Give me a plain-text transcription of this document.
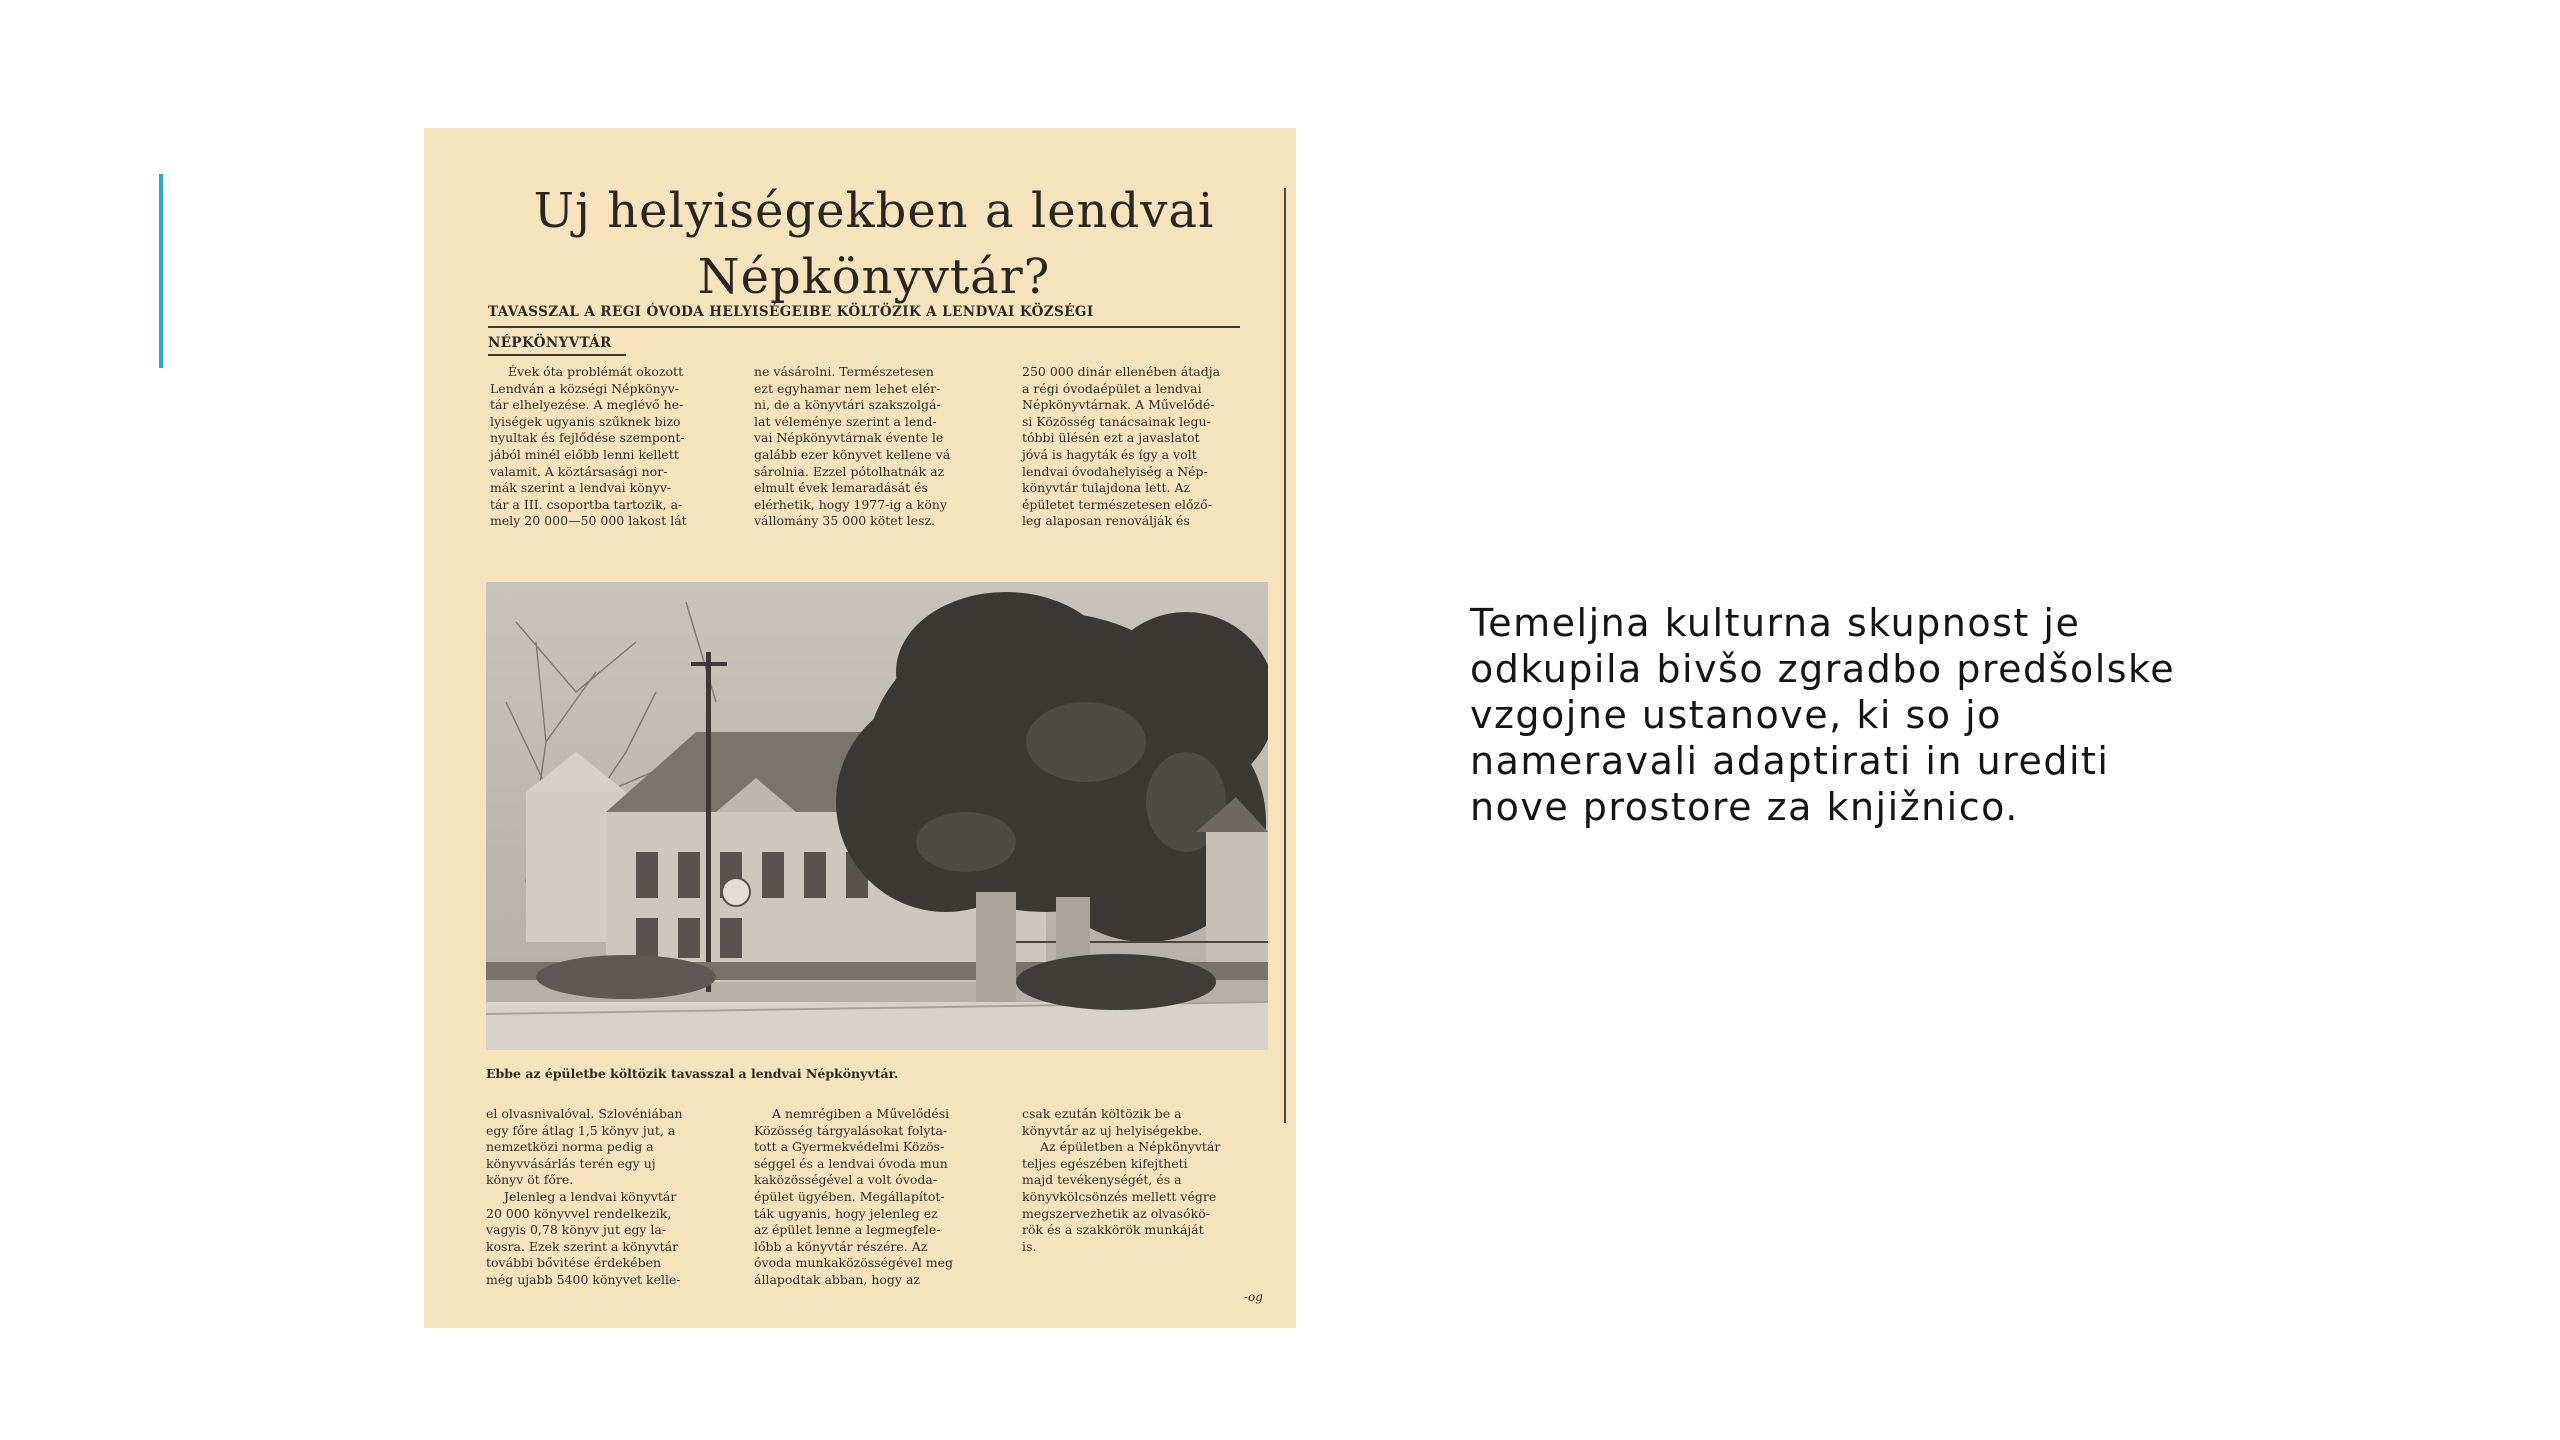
Uj helyiségekben a lendvai
Népkönyvtár?
TAVASSZAL A REGI ÓVODA HELYISÉGEIBE KÖLTÖZIK A LENDVAI KÖZSÉGI
NÉPKÖNYVTÁR

Évek óta problémát okozott

Lendván a községi Népkönyv-

tár elhelyezése. A meglévő he-

lyiségek ugyanis szűknek bizo

nyultak és fejlődése szempont-

jából minél előbb lenni kellett

valamit. A köztársasági nor-

mák szerint a lendvai könyv-

tár a III. csoportba tartozik, a-

mely 20 000—50 000 lakost lát

ne vásárolni. Természetesen

ezt egyhamar nem lehet elér-

ni, de a könyvtári szakszolgá-

lat véleménye szerint a lend-

vai Népkönyvtárnak évente le

galább ezer könyvet kellene vá

sárolnia. Ezzel pótolhatnák az

elmult évek lemaradását és

elérhetik, hogy 1977-ig a köny

vállomány 35 000 kötet lesz.

250 000 dinár ellenében átadja

a régi óvodaépület a lendvai

Népkönyvtárnak. A Művelődé-

si Közösség tanácsainak legu-

tóbbi ülésén ezt a javaslatot

jóvá is hagyták és így a volt

lendvai óvodahelyiség a Nép-

könyvtár tulajdona lett. Az

épületet természetesen előző-

leg alaposan renoválják és

Ebbe az épületbe költözik tavasszal a lendvai Népkönyvtár.

el olvasnivalóval. Szlovéniában

egy főre átlag 1,5 könyv jut, a

nemzetközi norma pedig a

könyvvásárlás terén egy uj

könyv öt főre.

Jelenleg a lendvai könyvtár

20 000 könyvvel rendelkezik,

vagyis 0,78 könyv jut egy la-

kosra. Ezek szerint a könyvtár

további bővitése érdekében

még ujabb 5400 könyvet kelle-

A nemrégiben a Művelődési

Közösség tárgyalásokat folyta-

tott a Gyermekvédelmi Közös-

séggel és a lendvai óvoda mun

kaközösségével a volt óvoda-

épület ügyében. Megállapítot-

ták ugyanis, hogy jelenleg ez

az épület lenne a legmegfele-

lőbb a könyvtár részére. Az

óvoda munkaközösségével meg

állapodtak abban, hogy az

csak ezután költözik be a

könyvtár az uj helyiségekbe.

Az épületben a Népkönyvtár

teljes egészében kifejtheti

majd tevékenységét, és a

könyvkölcsönzés mellett végre

megszervezhetik az olvasókö-

rök és a szakkörök munkáját

is.

-og
Temeljna kulturna skupnost je
odkupila bivšo zgradbo predšolske
vzgojne ustanove, ki so jo
nameravali adaptirati in urediti
nove prostore za knjižnico.
